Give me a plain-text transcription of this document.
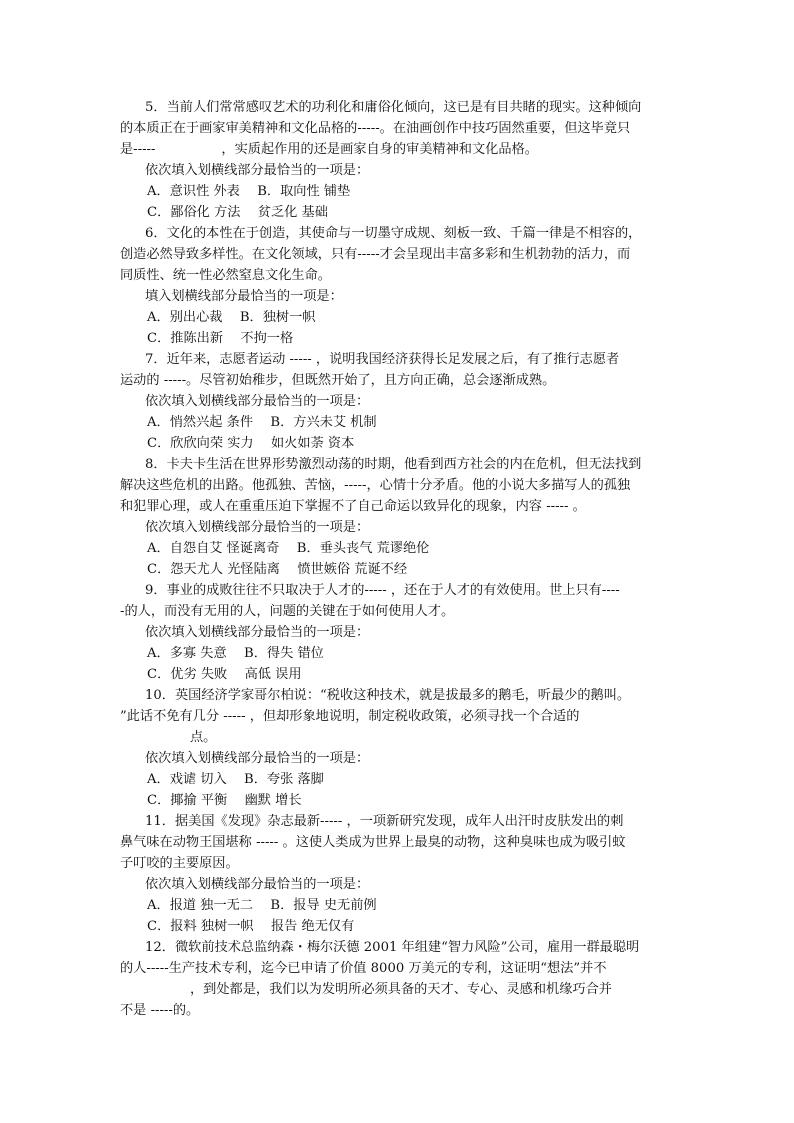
5．当前人们常常感叹艺术的功利化和庸俗化倾向，这已是有目共睹的现实。这种倾向
的本质正在于画家审美精神和文化品格的-----。在油画创作中技巧固然重要，但这毕竟只
是-----　　　　　，实质起作用的还是画家自身的审美精神和文化品格。
依次填入划横线部分最恰当的一项是：
A．意识性 外表　 B．取向性 铺垫
C．鄙俗化 方法　 贫乏化 基础
6．文化的本性在于创造，其使命与一切墨守成规、刻板一致、千篇一律是不相容的，
创造必然导致多样性。在文化领域，只有-----才会呈现出丰富多彩和生机勃勃的活力，而
同质性、统一性必然窒息文化生命。
填入划横线部分最恰当的一项是：
A．别出心裁　 B．独树一帜
C．推陈出新　 不拘一格
7．近年来，志愿者运动 ----- ，说明我国经济获得长足发展之后，有了推行志愿者
运动的 -----。尽管初始稚步，但既然开始了，且方向正确，总会逐渐成熟。
依次填入划横线部分最恰当的一项是：
A．悄然兴起 条件　 B．方兴未艾 机制
C．欣欣向荣 实力　 如火如荼 资本
8．卡夫卡生活在世界形势激烈动荡的时期，他看到西方社会的内在危机，但无法找到
解决这些危机的出路。他孤独、苦恼，-----，心情十分矛盾。他的小说大多描写人的孤独
和犯罪心理，或人在重重压迫下掌握不了自己命运以致异化的现象，内容 ----- 。
依次填入划横线部分最恰当的一项是：
A．自怨自艾 怪诞离奇　 B．垂头丧气 荒谬绝伦
C．怨天尤人 光怪陆离　 愤世嫉俗 荒诞不经
9．事业的成败往往不只取决于人才的----- ，还在于人才的有效使用。世上只有----
-的人，而没有无用的人，问题的关键在于如何使用人才。
依次填入划横线部分最恰当的一项是：
A．多寡 失意　 B．得失 错位
C．优劣 失败　 高低 误用
10．英国经济学家哥尔柏说：“税收这种技术，就是拔最多的鹅毛，听最少的鹅叫。
”此话不免有几分 ----- ，但却形象地说明，制定税收政策，必须寻找一个合适的
点。
依次填入划横线部分最恰当的一项是：
A．戏谑 切入　 B．夸张 落脚
C．揶揄 平衡　 幽默 增长
11．据美国《发现》杂志最新----- ，一项新研究发现，成年人出汗时皮肤发出的刺
鼻气味在动物王国堪称 ----- 。这使人类成为世界上最臭的动物，这种臭味也成为吸引蚊
子叮咬的主要原因。
依次填入划横线部分最恰当的一项是：
A．报道 独一无二　 B．报导 史无前例
C．报料 独树一帜　 报告 绝无仅有
12．微软前技术总监纳森・梅尔沃德 2001 年组建“智力风险”公司，雇用一群最聪明
的人-----生产技术专利，迄今已申请了价值 8000 万美元的专利，这证明“想法”并不
，到处都是，我们以为发明所必须具备的天才、专心、灵感和机缘巧合并
不是 -----的。
